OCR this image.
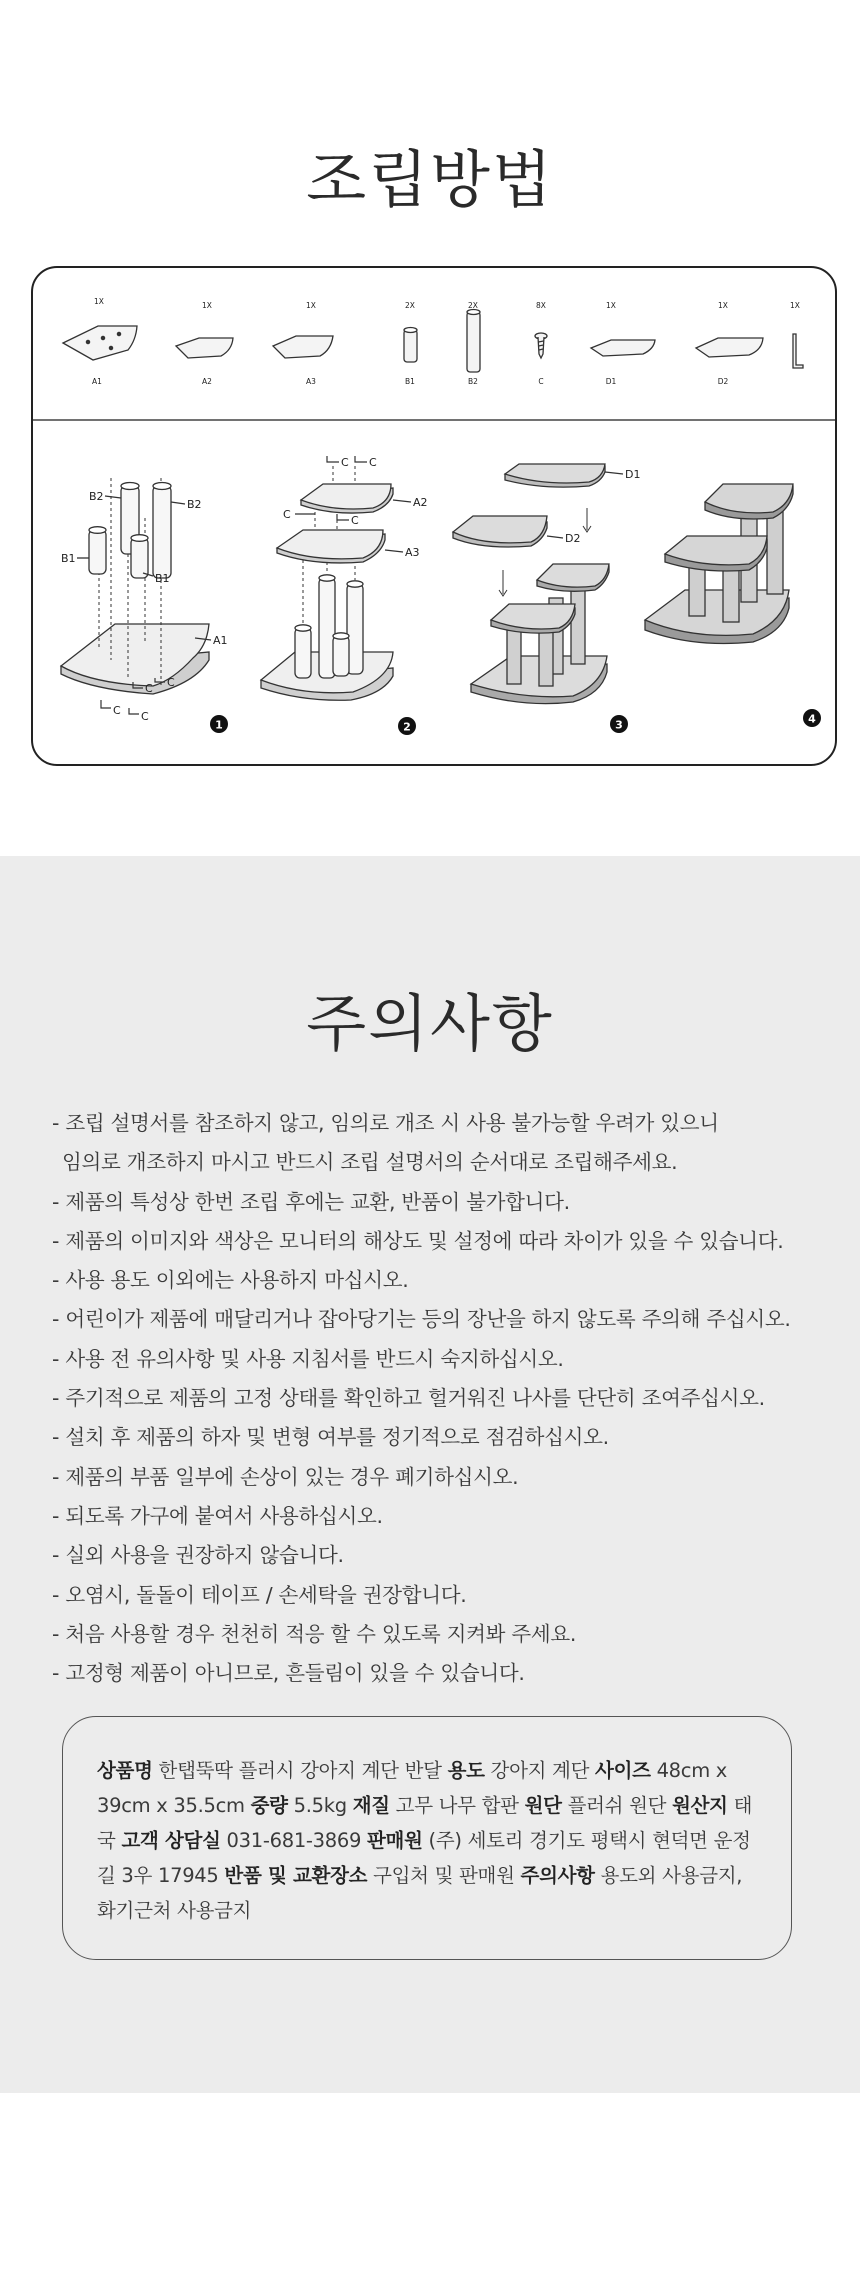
조립방법
1X	1X	1X	2X	2X	8X	1X	1X	1X
A1	A2	A3	B1	B2	C	D1	D2
B2
B2
B1
B1
A1
C
C
C
C
C C
C	C
A2
A3
D1
D2
1	2	3	4
주의사항
- 조립 설명서를 참조하지 않고, 임의로 개조 시 사용 불가능할 우려가 있으니
임의로 개조하지 마시고 반드시 조립 설명서의 순서대로 조립해주세요.
- 제품의 특성상 한번 조립 후에는 교환, 반품이 불가합니다.
- 제품의 이미지와 색상은 모니터의 해상도 및 설정에 따라 차이가 있을 수 있습니다.
- 사용 용도 이외에는 사용하지 마십시오.
- 어린이가 제품에 매달리거나 잡아당기는 등의 장난을 하지 않도록 주의해 주십시오.
- 사용 전 유의사항 및 사용 지침서를 반드시 숙지하십시오.
- 주기적으로 제품의 고정 상태를 확인하고 헐거워진 나사를 단단히 조여주십시오.
- 설치 후 제품의 하자 및 변형 여부를 정기적으로 점검하십시오.
- 제품의 부품 일부에 손상이 있는 경우 폐기하십시오.
- 되도록 가구에 붙여서 사용하십시오.
- 실외 사용을 권장하지 않습니다.
- 오염시, 돌돌이 테이프 / 손세탁을 권장합니다.
- 처음 사용할 경우 천천히 적응 할 수 있도록 지켜봐 주세요.
- 고정형 제품이 아니므로, 흔들림이 있을 수 있습니다.

상품명 한탭뚝딱 플러시 강아지 계단 반달 용도 강아지 계단 사이즈 48cm x 39cm x 35.5cm 중량 5.5kg 재질 고무 나무 합판 원단 플러쉬 원단 원산지 태국 고객 상담실 031-681-3869 판매원 (주) 세토리 경기도 평택시 현덕면 운정길 3우 17945 반품 및 교환장소 구입처 및 판매원 주의사항 용도외 사용금지, 화기근처 사용금지
